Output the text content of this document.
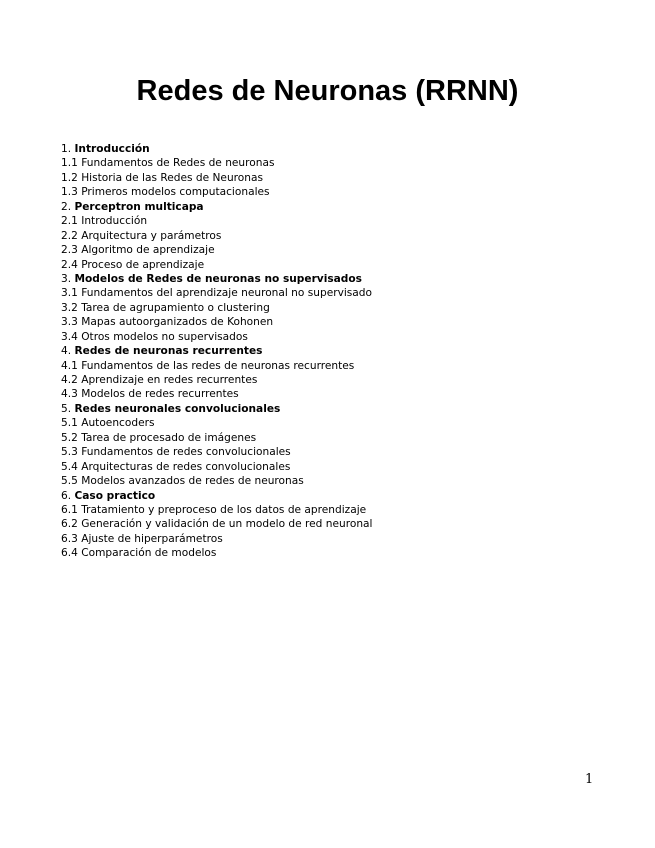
Redes de Neuronas (RRNN)
1. Introducción
1.1 Fundamentos de Redes de neuronas
1.2 Historia de las Redes de Neuronas
1.3 Primeros modelos computacionales
2. Perceptron multicapa
2.1 Introducción
2.2 Arquitectura y parámetros
2.3 Algoritmo de aprendizaje
2.4 Proceso de aprendizaje
3. Modelos de Redes de neuronas no supervisados
3.1 Fundamentos del aprendizaje neuronal no supervisado
3.2 Tarea de agrupamiento o clustering
3.3 Mapas autoorganizados de Kohonen
3.4 Otros modelos no supervisados
4. Redes de neuronas recurrentes
4.1 Fundamentos de las redes de neuronas recurrentes
4.2 Aprendizaje en redes recurrentes
4.3 Modelos de redes recurrentes
5. Redes neuronales convolucionales
5.1 Autoencoders
5.2 Tarea de procesado de imágenes
5.3 Fundamentos de redes convolucionales
5.4 Arquitecturas de redes convolucionales
5.5 Modelos avanzados de redes de neuronas
6. Caso practico
6.1 Tratamiento y preproceso de los datos de aprendizaje
6.2 Generación y validación de un modelo de red neuronal
6.3 Ajuste de hiperparámetros
6.4 Comparación de modelos
1
